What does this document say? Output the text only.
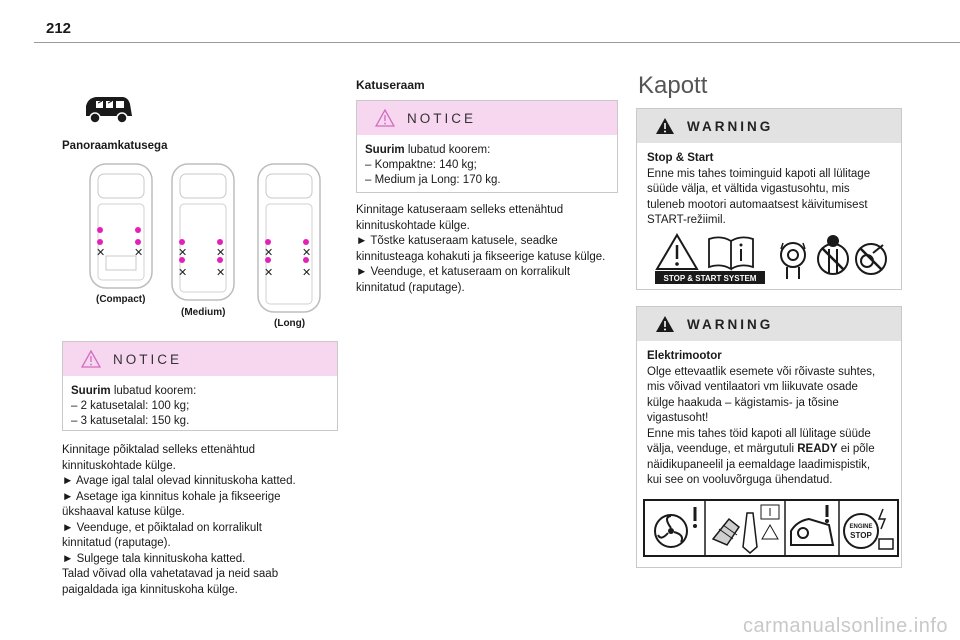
212
Panoraamkatusega
✕	✕	✕	✕
✕	✕
✕	✕
✕	✕
(Compact)
(Medium)
(Long)
NOTICE
Suurim lubatud koorem:
– 2 katusetalal: 100 kg;
– 3 katusetalal: 150 kg.
Kinnitage põiktalad selleks ettenähtud
kinnituskohtade külge.
► Avage igal talal olevad kinnituskoha katted.
► Asetage iga kinnitus kohale ja fikseerige
ükshaaval katuse külge.
► Veenduge, et põiktalad on korralikult
kinnitatud (raputage).
► Sulgege tala kinnituskoha katted.
Talad võivad olla vahetatavad ja neid saab
paigaldada iga kinnituskoha külge.
Katuseraam
NOTICE
Suurim lubatud koorem:
– Kompaktne: 140 kg;
– Medium ja Long: 170 kg.
Kinnitage katuseraam selleks ettenähtud
kinnituskohtade külge.
► Tõstke katuseraam katusele, seadke
kinnitusteaga kohakuti ja fikseerige katuse külge.
► Veenduge, et katuseraam on korralikult
kinnitatud (raputage).
Kapott
WARNING
Stop & Start
Enne mis tahes toiminguid kapoti all lülitage
süüde välja, et vältida vigastusohtu, mis
tuleneb mootori automaatsest käivitumisest
START-režiimil.
STOP & START SYSTEM
WARNING
Elektrimootor
Olge ettevaatlik esemete või rõivaste suhtes,
mis võivad ventilaatori vm liikuvate osade
külge haakuda – kägistamis- ja tõsine
vigastusoht!
Enne mis tahes töid kapoti all lülitage süüde
välja, veenduge, et märgutuli READY ei põle
näidikupaneelil ja eemaldage laadimispistik,
kui see on vooluvõrguga ühendatud.
ENGINE
STOP
carmanualsonline.info
